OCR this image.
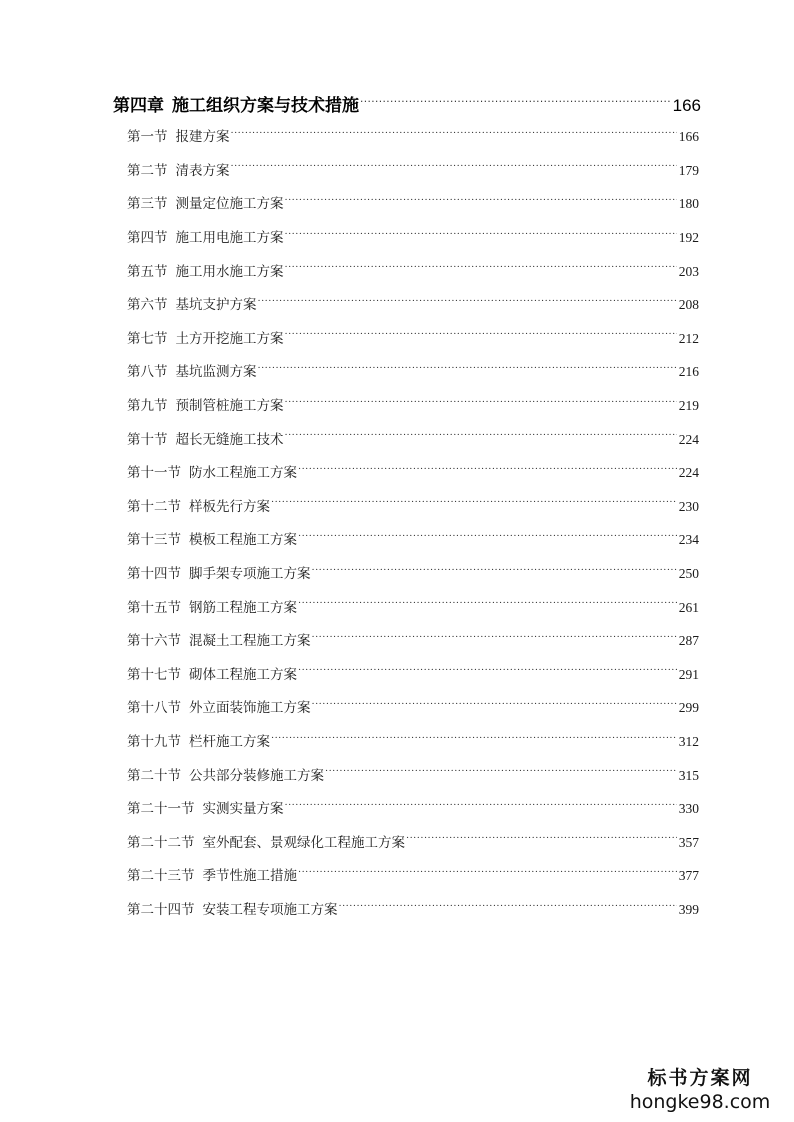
第四章 施工组织方案与技术措施 .....	166
第一节 报建方案 .....	166
第二节 清表方案 .....	179
第三节 测量定位施工方案 .....	180
第四节 施工用电施工方案 .....	192
第五节 施工用水施工方案 .....	203
第六节 基坑支护方案 .....	208
第七节 土方开挖施工方案 .....	212
第八节 基坑监测方案 .....	216
第九节 预制管桩施工方案 .....	219
第十节 超长无缝施工技术 .....	224
第十一节 防水工程施工方案 .....	224
第十二节 样板先行方案 .....	230
第十三节 模板工程施工方案 .....	234
第十四节 脚手架专项施工方案 .....	250
第十五节 钢筋工程施工方案 .....	261
第十六节 混凝土工程施工方案 .....	287
第十七节 砌体工程施工方案 .....	291
第十八节 外立面装饰施工方案 .....	299
第十九节 栏杆施工方案 .....	312
第二十节 公共部分装修施工方案 .....	315
第二十一节 实测实量方案 .....	330
第二十二节 室外配套、景观绿化工程施工方案 .....	357
第二十三节 季节性施工措施 .....	377
第二十四节 安装工程专项施工方案 .....	399
标书方案网
hongke98.com
